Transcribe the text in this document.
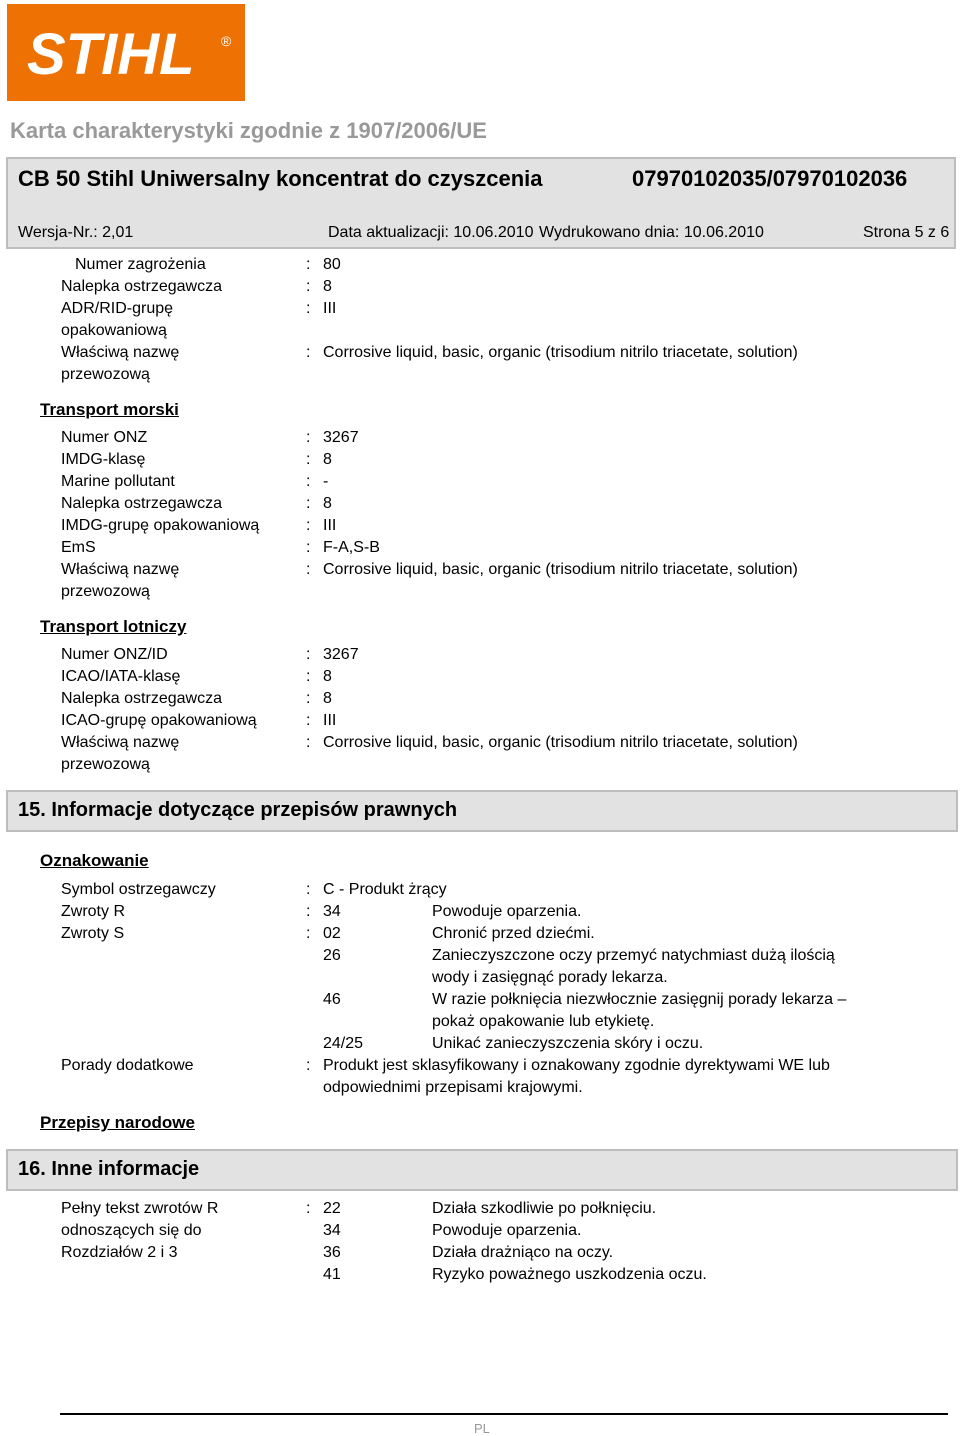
STIHL ®
Karta charakterystyki zgodnie z 1907/2006/UE
CB 50 Stihl Uniwersalny koncentrat do czyszcenia	07970102035/07970102036
Wersja-Nr.: 2,01	Data aktualizacji: 10.06.2010 Wydrukowano dnia: 10.06.2010	Strona 5 z 6
Numer zagrożenia	: 80
Nalepka ostrzegawcza	: 8
ADR/RID-grupę	: III
opakowaniową
Właściwą nazwę	: Corrosive liquid, basic, organic (trisodium nitrilo triacetate, solution)
przewozową
Transport morski
Numer ONZ	: 3267
IMDG-klasę	: 8
Marine pollutant	: -
Nalepka ostrzegawcza	: 8
IMDG-grupę opakowaniową	: III
EmS	: F-A,S-B
Właściwą nazwę	: Corrosive liquid, basic, organic (trisodium nitrilo triacetate, solution)
przewozową
Transport lotniczy
Numer ONZ/ID	: 3267
ICAO/IATA-klasę	: 8
Nalepka ostrzegawcza	: 8
ICAO-grupę opakowaniową	: III
Właściwą nazwę	: Corrosive liquid, basic, organic (trisodium nitrilo triacetate, solution)
przewozową
15. Informacje dotyczące przepisów prawnych
Oznakowanie
Symbol ostrzegawczy	: C - Produkt żrący
Zwroty R	: 34	Powoduje oparzenia.
Zwroty S	: 02	Chronić przed dziećmi.
26	Zanieczyszczone oczy przemyć natychmiast dużą ilością
wody i zasięgnąć porady lekarza.
46	W razie połknięcia niezwłocznie zasięgnij porady lekarza –
pokaż opakowanie lub etykietę.
24/25	Unikać zanieczyszczenia skóry i oczu.
Porady dodatkowe	: Produkt jest sklasyfikowany i oznakowany zgodnie dyrektywami WE lub
odpowiednimi przepisami krajowymi.
Przepisy narodowe
16. Inne informacje
Pełny tekst zwrotów R	: 22	Działa szkodliwie po połknięciu.
odnoszących się do	34	Powoduje oparzenia.
Rozdziałów 2 i 3	36	Działa drażniąco na oczy.
41	Ryzyko poważnego uszkodzenia oczu.
PL
